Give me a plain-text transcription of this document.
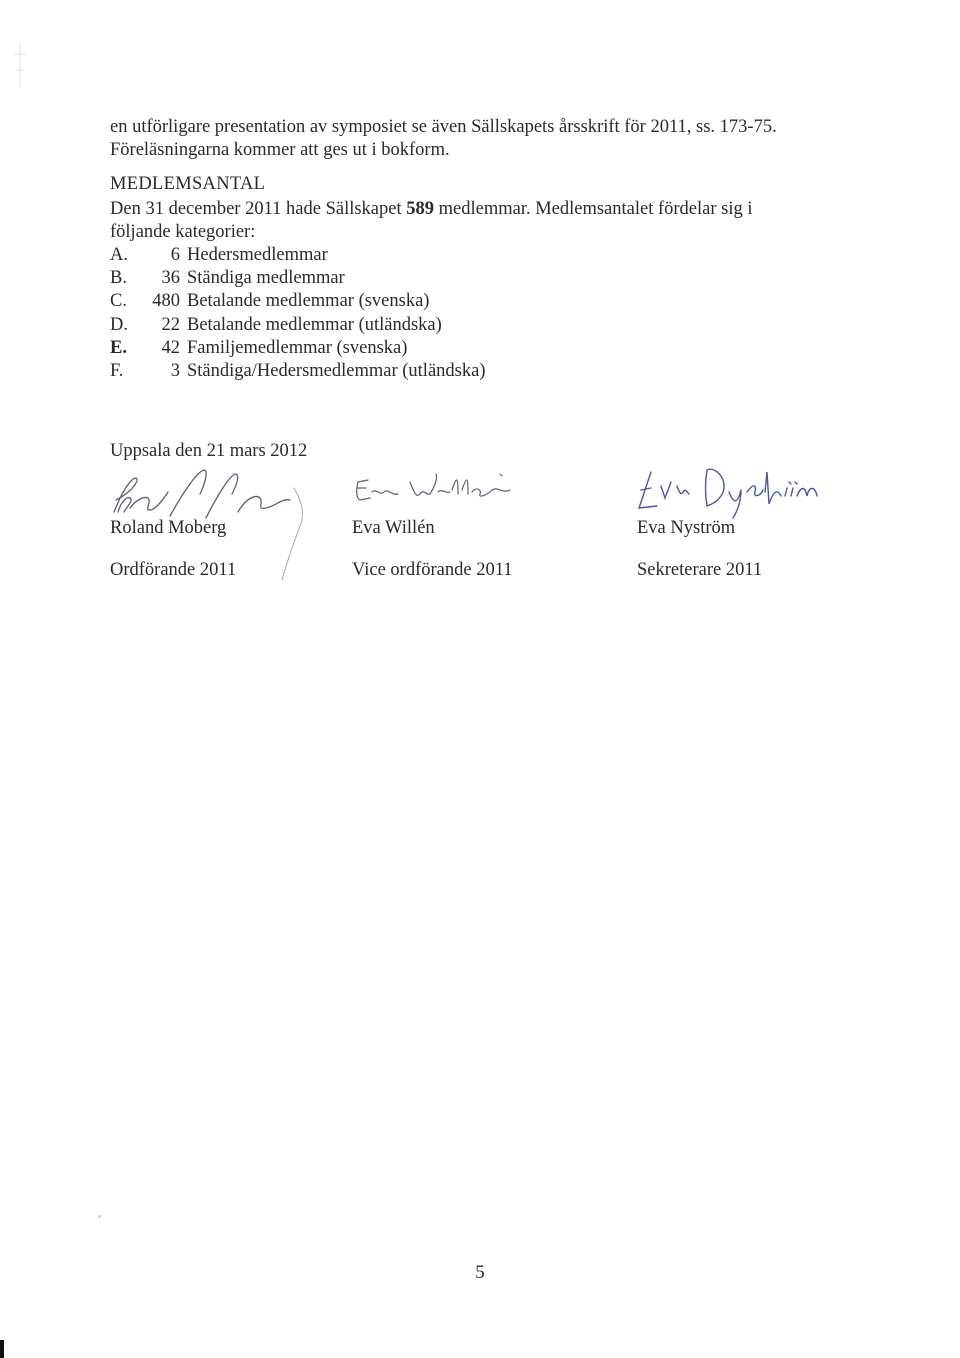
en utförligare presentation av symposiet se även Sällskapets årsskrift för 2011, ss. 173-75.
Föreläsningarna kommer att ges ut i bokform.
MEDLEMSANTAL
Den 31 december 2011 hade Sällskapet 589 medlemmar. Medlemsantalet fördelar sig i
följande kategorier:
A. 6 Hedersmedlemmar
B. 36 Ständiga medlemmar
C. 480 Betalande medlemmar (svenska)
D. 22 Betalande medlemmar (utländska)
E. 42 Familjemedlemmar (svenska)
F.	3 Ständiga/Hedersmedlemmar (utländska)
Uppsala den 21 mars 2012
Roland Moberg
Ordförande 2011
Eva Willén
Vice ordförande 2011
Eva Nyström
Sekreterare 2011
5
